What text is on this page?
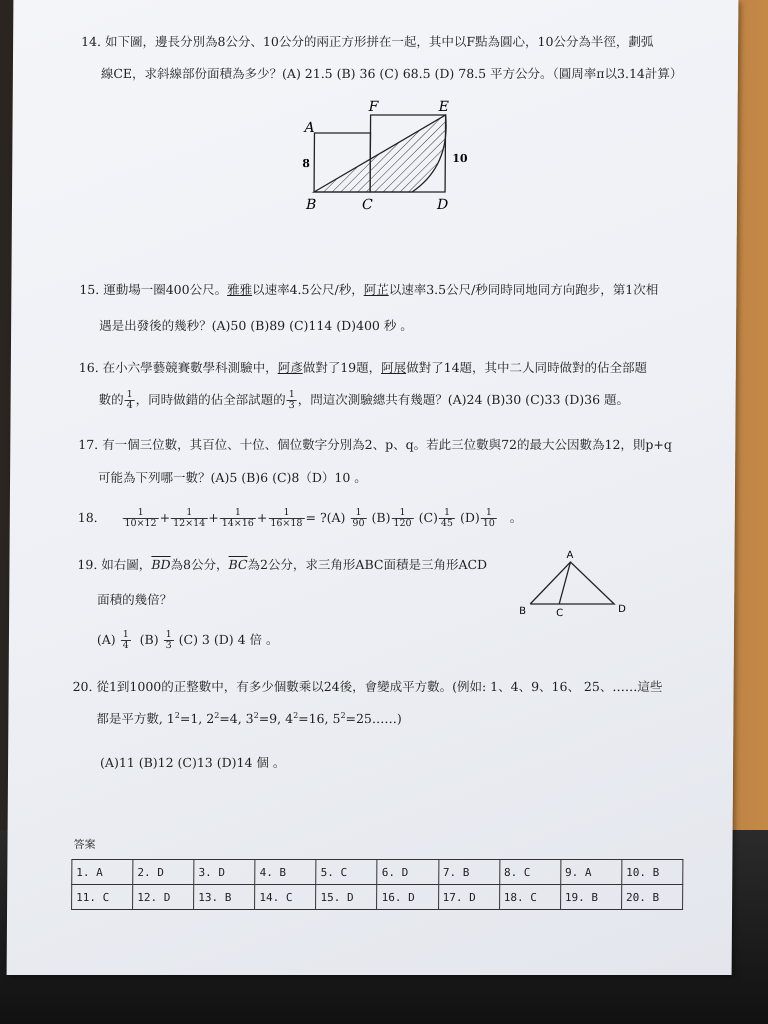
14. 如下圖，邊長分別為8公分、10公分的兩正方形拼在一起，其中以F點為圓心，10公分為半徑，劃弧
線CE，求斜線部份面積為多少？(A) 21.5 (B) 36 (C) 68.5 (D) 78.5 平方公分。（圓周率π以3.14計算）
A
F	E
B	C	D
8	10
15. 運動場一圈400公尺。雅雅以速率4.5公尺/秒，阿芷以速率3.5公尺/秒同時同地同方向跑步，第1次相
遇是出發後的幾秒？(A)50 (B)89 (C)114 (D)400 秒 。
16. 在小六學藝競賽數學科測驗中，阿彥做對了19題，阿展做對了14題，其中二人同時做對的佔全部題
數的 $\frac{1}{4}$ ，同時做錯的佔全部試題的 $\frac{1}{3}$ ，問這次測驗總共有幾題？(A)24 (B)30 (C)33 (D)36 題。
17. 有一個三位數，其百位、十位、個位數字分別為2、p、q。若此三位數與72的最大公因數為12，則p+q
可能為下列哪一數？(A)5 (B)6 (C)8（D）10 。
18.	$\frac{1}{10\times 12} + \frac{1}{12\times 14} + \frac{1}{14\times 16} + \frac{1}{16\times 18}$ = ?(A) $\frac{1}{90} (B) \frac{1}{120} (C) \frac{1}{45} (D) \frac{1}{10}$ 。
19. 如右圖，$\overline{BD}$為8公分，$\overline{BC}$為2公分，求三角形ABC面積是三角形ACD
面積的幾倍？
$(A) \frac{1}{4} (B) \frac{1}{3} (C)$ 3 (D) 4 倍 。
A
B	C	D
20. 從1到1000的正整數中，有多少個數乘以24後，會變成平方數。(例如: 1、4、9、16、 25、……這些
都是平方數, $1^2=1$, $2^2=4$, $3^2=9$, $4^2=16$, $5^2=25\dots\dots$)
(A)11 (B)12 (C)13 (D)14 個 。
答案
1. A	2. D	3. D	4. B	5. C	6. D	7. B	8. C	9. A	10. B
11. C	12. D	13. B	14. C	15. D	16. D	17. D	18. C	19. B	20. B
